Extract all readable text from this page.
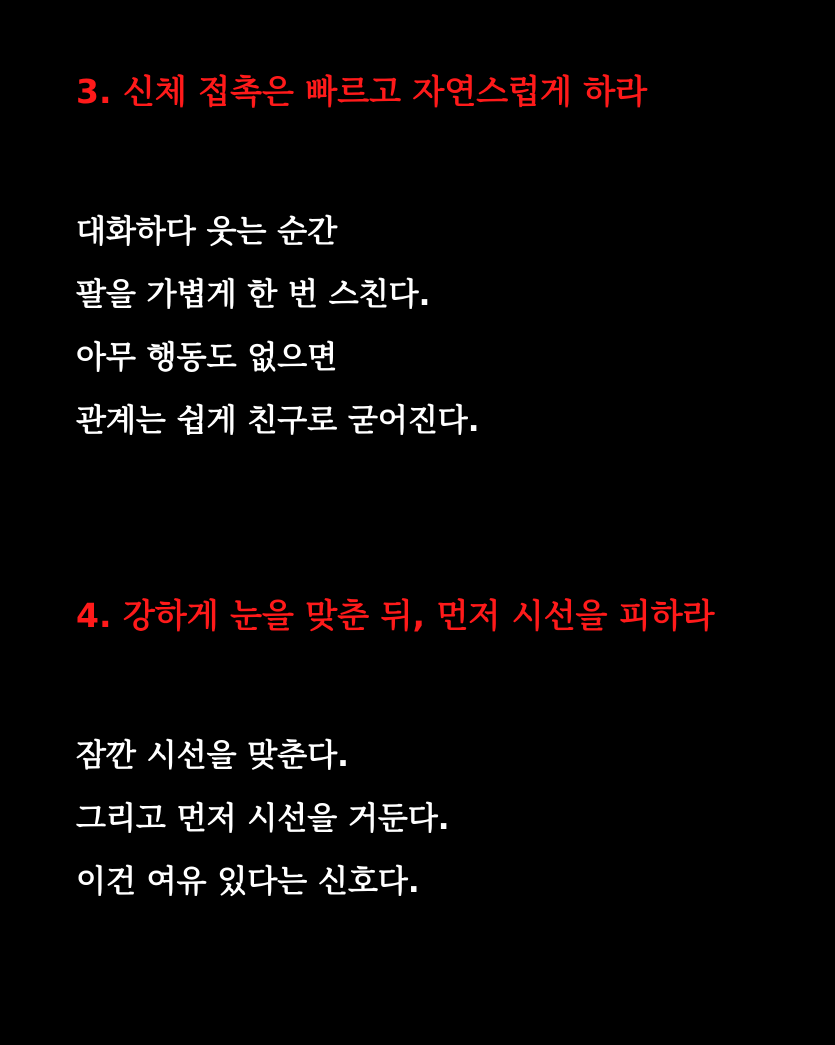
3. 신체 접촉은 빠르고 자연스럽게 하라
대화하다 웃는 순간
팔을 가볍게 한 번 스친다.
아무 행동도 없으면
관계는 쉽게 친구로 굳어진다.
4. 강하게 눈을 맞춘 뒤, 먼저 시선을 피하라
잠깐 시선을 맞춘다.
그리고 먼저 시선을 거둔다.
이건 여유 있다는 신호다.
